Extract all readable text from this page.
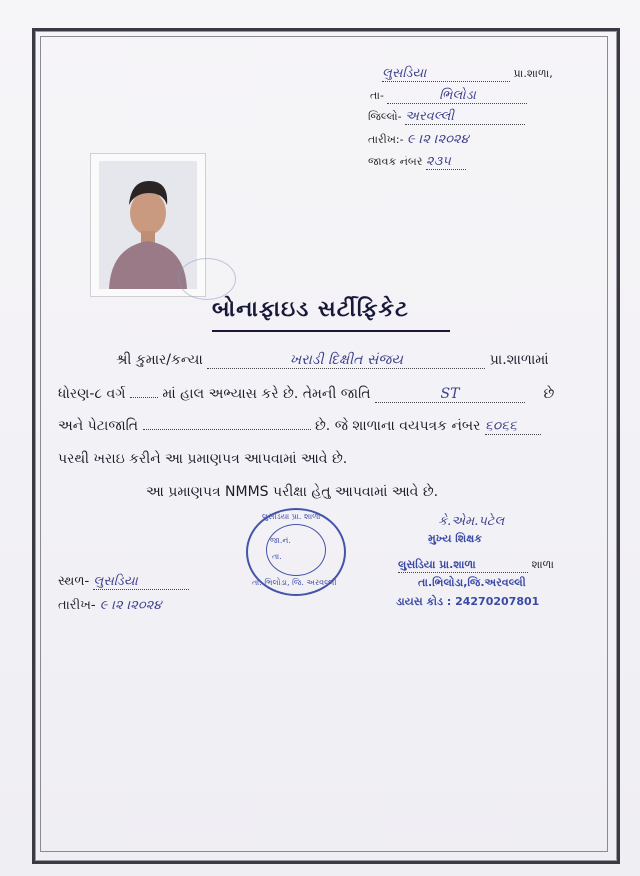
લુસડિયા	પ્રા.શાળા,
તા-	ભિલોડા
જિલ્લો- અરવલ્લી
તારીખ:- ૯ ।૨ ।૨૦૨૪
જાવક નંબર ૨૩૫
બોનાફાઇડ સર્ટીફિકેટ
શ્રી કુમાર/કન્યા	ખરાડી દિક્ષીત સંજય	પ્રા.શાળામાં
ધોરણ-૮ વર્ગ	માં હાલ અભ્યાસ કરે છે. તેમની જાતિ	ST	છે
અને પેટાજાતિ	છે. જે શાળાના વયપત્રક નંબર ૬૦૬૬
પરથી ખરાઇ કરીને આ પ્રમાણપત્ર આપવામાં આવે છે.
આ પ્રમાણપત્ર NMMS પરીક્ષા હેતુ આપવામાં આવે છે.
લુસડિયા પ્રા. શાળા
જા.નં.
તા.
તા. ભિલોડા, જિ. અરવલ્લી
કે.એમ.પટેલ
મુખ્ય શિક્ષક
લુસડિયા પ્રા.શાળા	શાળા
તા.ભિલોડા,જિ.અરવલ્લી
ડાયસ કોડ : 24270207801
સ્થળ- લુસડિયા
તારીખ- ૯ ।૨ ।૨૦૨૪
